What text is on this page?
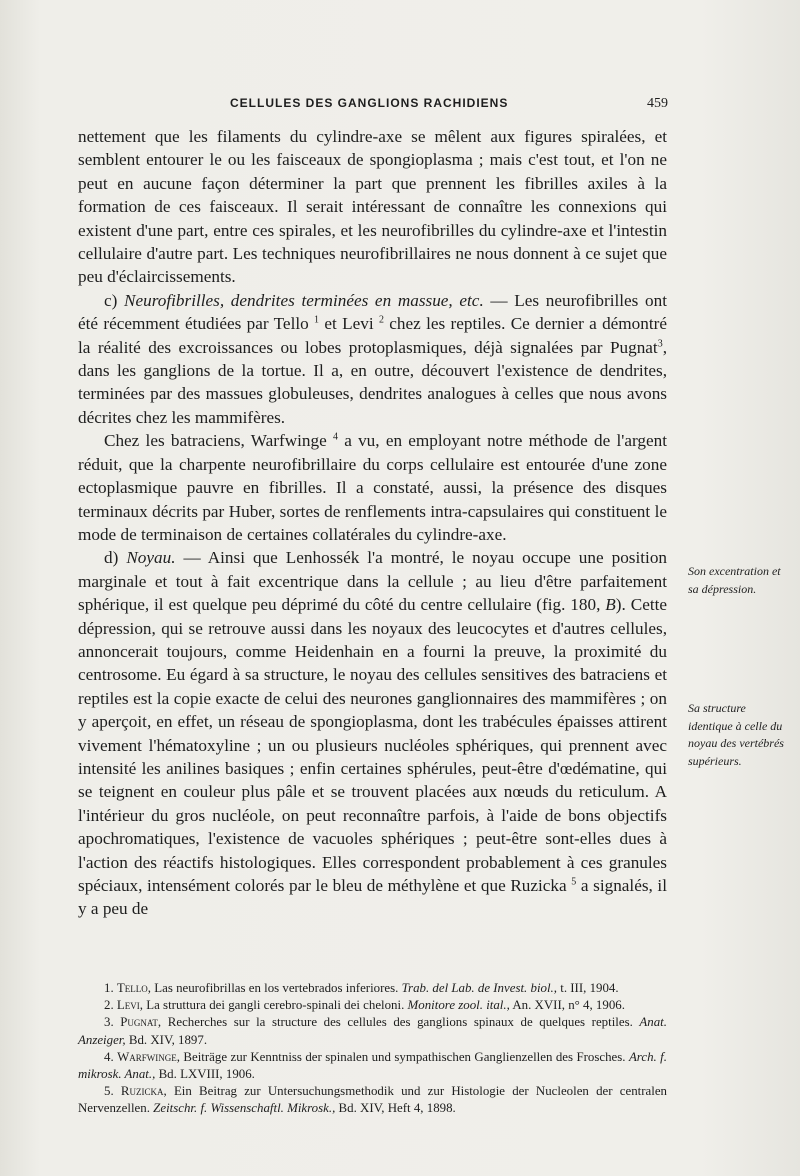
CELLULES DES GANGLIONS RACHIDIENS	459

nettement que les filaments du cylindre-axe se mêlent aux figures spiralées, et semblent entourer le ou les faisceaux de spongioplasma ; mais c'est tout, et l'on ne peut en aucune façon déterminer la part que prennent les fibrilles axiles à la formation de ces faisceaux. Il serait intéressant de connaître les connexions qui existent d'une part, entre ces spirales, et les neurofibrilles du cylindre-axe et l'intestin cellulaire d'autre part. Les techniques neurofibrillaires ne nous donnent à ce sujet que peu d'éclaircissements.

c) Neurofibrilles, dendrites terminées en massue, etc. — Les neurofibrilles ont été récemment étudiées par Tello $^1$ et Levi $^2$ chez les reptiles. Ce dernier a démontré la réalité des excroissances ou lobes protoplasmiques, déjà signalées par Pugnat$^3$, dans les ganglions de la tortue. Il a, en outre, découvert l'existence de dendrites, terminées par des massues globuleuses, dendrites analogues à celles que nous avons décrites chez les mammifères.

Chez les batraciens, Warfwinge $^4$ a vu, en employant notre méthode de l'argent réduit, que la charpente neurofibrillaire du corps cellulaire est entourée d'une zone ectoplasmique pauvre en fibrilles. Il a constaté, aussi, la présence des disques terminaux décrits par Huber, sortes de renflements intra-capsulaires qui constituent le mode de terminaison de certaines collatérales du cylindre-axe.

d) Noyau. — Ainsi que Lenhossék l'a montré, le noyau occupe une position marginale et tout à fait excentrique dans la cellule ; au lieu d'être parfaitement sphérique, il est quelque peu déprimé du côté du centre cellulaire (fig. 180, B). Cette dépression, qui se retrouve aussi dans les noyaux des leucocytes et d'autres cellules, annoncerait toujours, comme Heidenhain en a fourni la preuve, la proximité du centrosome. Eu égard à sa structure, le noyau des cellules sensitives des batraciens et reptiles est la copie exacte de celui des neurones ganglionnaires des mammifères ; on y aperçoit, en effet, un réseau de spongioplasma, dont les trabécules épaisses attirent vivement l'hématoxyline ; un ou plusieurs nucléoles sphériques, qui prennent avec intensité les anilines basiques ; enfin certaines sphérules, peut-être d'œdématine, qui se teignent en couleur plus pâle et se trouvent placées aux nœuds du reticulum. A l'intérieur du gros nucléole, on peut reconnaître parfois, à l'aide de bons objectifs apochromatiques, l'existence de vacuoles sphériques ; peut-être sont-elles dues à l'action des réactifs histologiques. Elles correspondent probablement à ces granules spéciaux, intensément colorés par le bleu de méthylène et que Ruzicka $^5$ a signalés, il y a peu de

Son excentration et sa dépression.
Sa structure identique à celle du noyau des vertébrés supérieurs.

1. Tello, Las neurofibrillas en los vertebrados inferiores. Trab. del Lab. de Invest. biol., t. III, 1904.

2. Levi, La struttura dei gangli cerebro-spinali dei cheloni. Monitore zool. ital., An. XVII, n° 4, 1906.

3. Pugnat, Recherches sur la structure des cellules des ganglions spinaux de quelques reptiles. Anat. Anzeiger, Bd. XIV, 1897.

4. Warfwinge, Beiträge zur Kenntniss der spinalen und sympathischen Ganglienzellen des Frosches. Arch. f. mikrosk. Anat., Bd. LXVIII, 1906.

5. Ruzicka, Ein Beitrag zur Untersuchungsmethodik und zur Histologie der Nucleolen der centralen Nervenzellen. Zeitschr. f. Wissenschaftl. Mikrosk., Bd. XIV, Heft 4, 1898.
